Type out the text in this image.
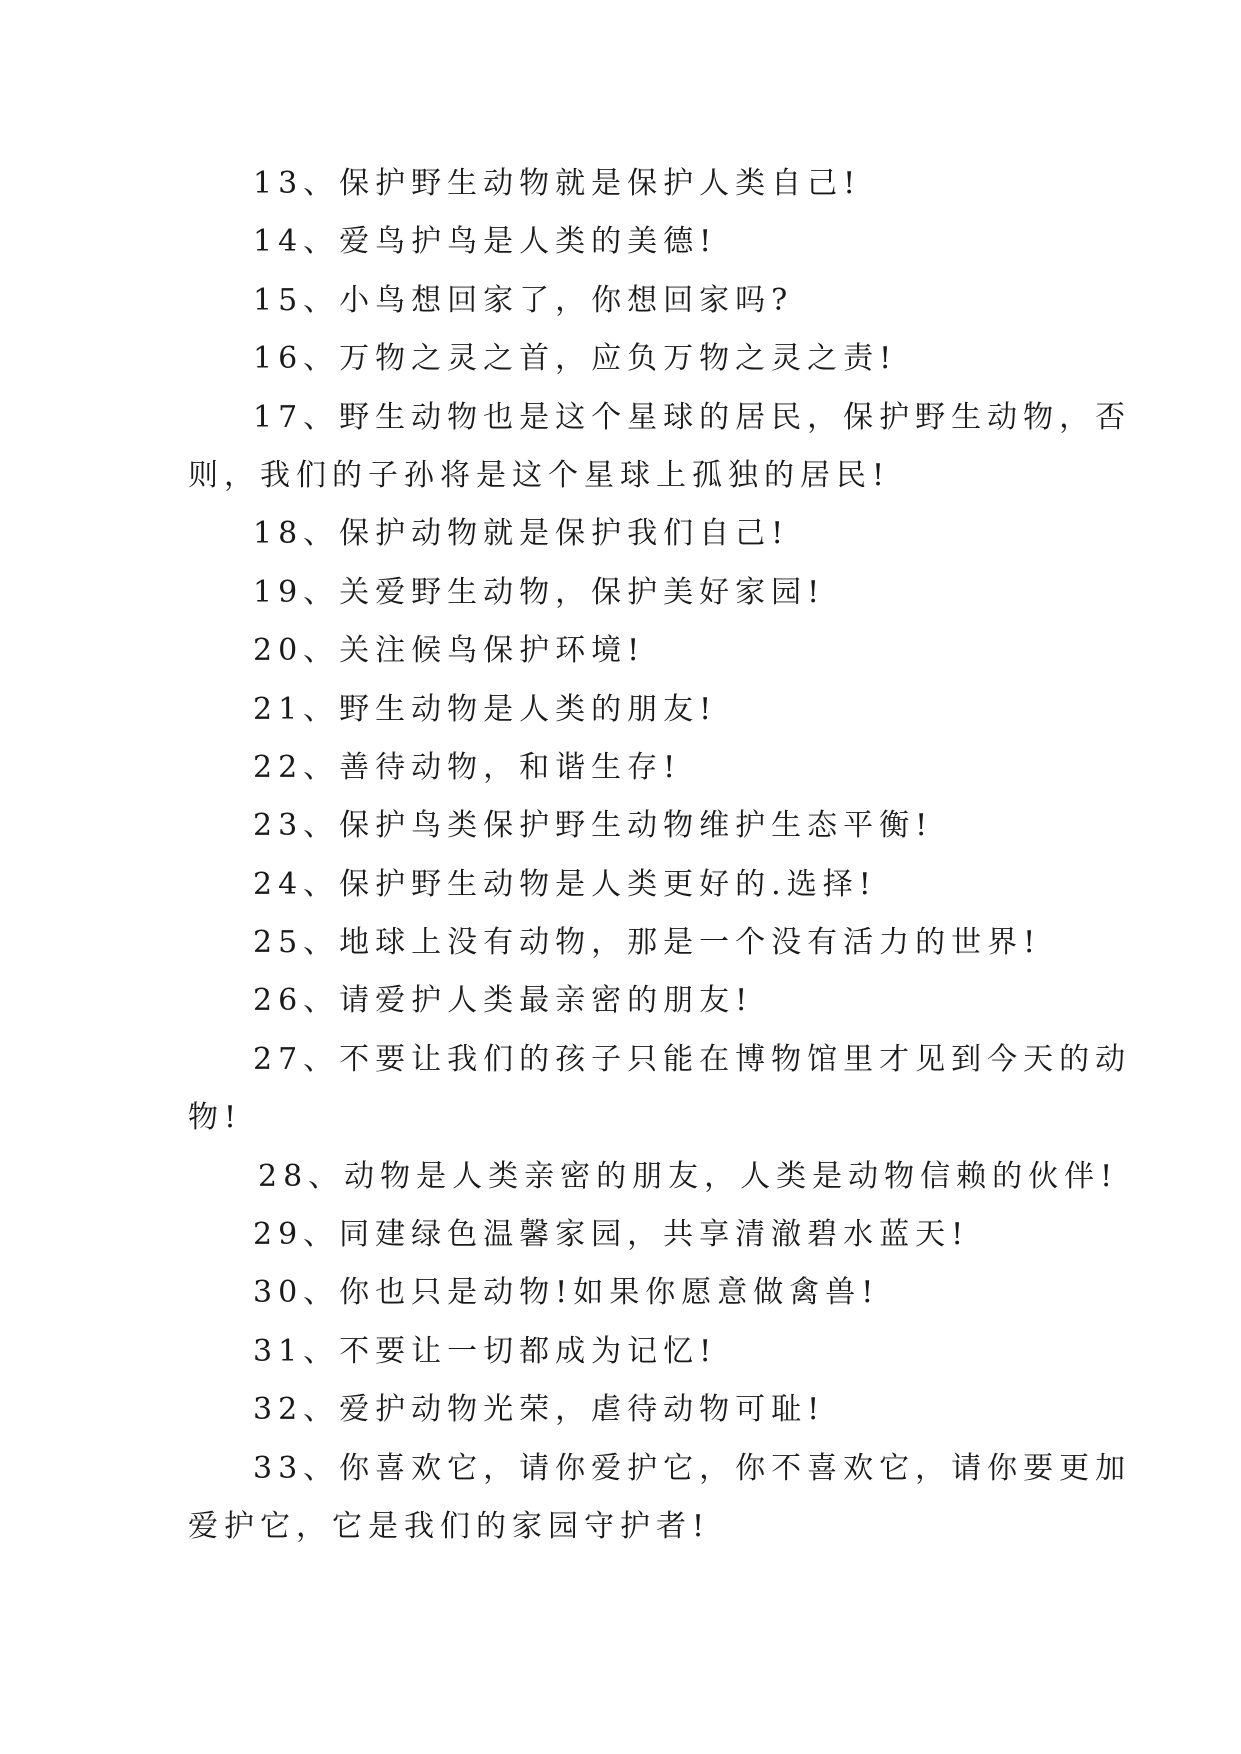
13、保护野生动物就是保护人类自己!
14、爱鸟护鸟是人类的美德!
15、小鸟想回家了，你想回家吗?
16、万物之灵之首，应负万物之灵之责!
17、野生动物也是这个星球的居民，保护野生动物，否
则，我们的子孙将是这个星球上孤独的居民!
18、保护动物就是保护我们自己!
19、关爱野生动物，保护美好家园!
20、关注候鸟保护环境!
21、野生动物是人类的朋友!
22、善待动物，和谐生存!
23、保护鸟类保护野生动物维护生态平衡!
24、保护野生动物是人类更好的.选择!
25、地球上没有动物，那是一个没有活力的世界!
26、请爱护人类最亲密的朋友!
27、不要让我们的孩子只能在博物馆里才见到今天的动
物!
28、动物是人类亲密的朋友，人类是动物信赖的伙伴!
29、同建绿色温馨家园，共享清澈碧水蓝天!
30、你也只是动物!如果你愿意做禽兽!
31、不要让一切都成为记忆!
32、爱护动物光荣，虐待动物可耻!
33、你喜欢它，请你爱护它，你不喜欢它，请你要更加
爱护它，它是我们的家园守护者!
